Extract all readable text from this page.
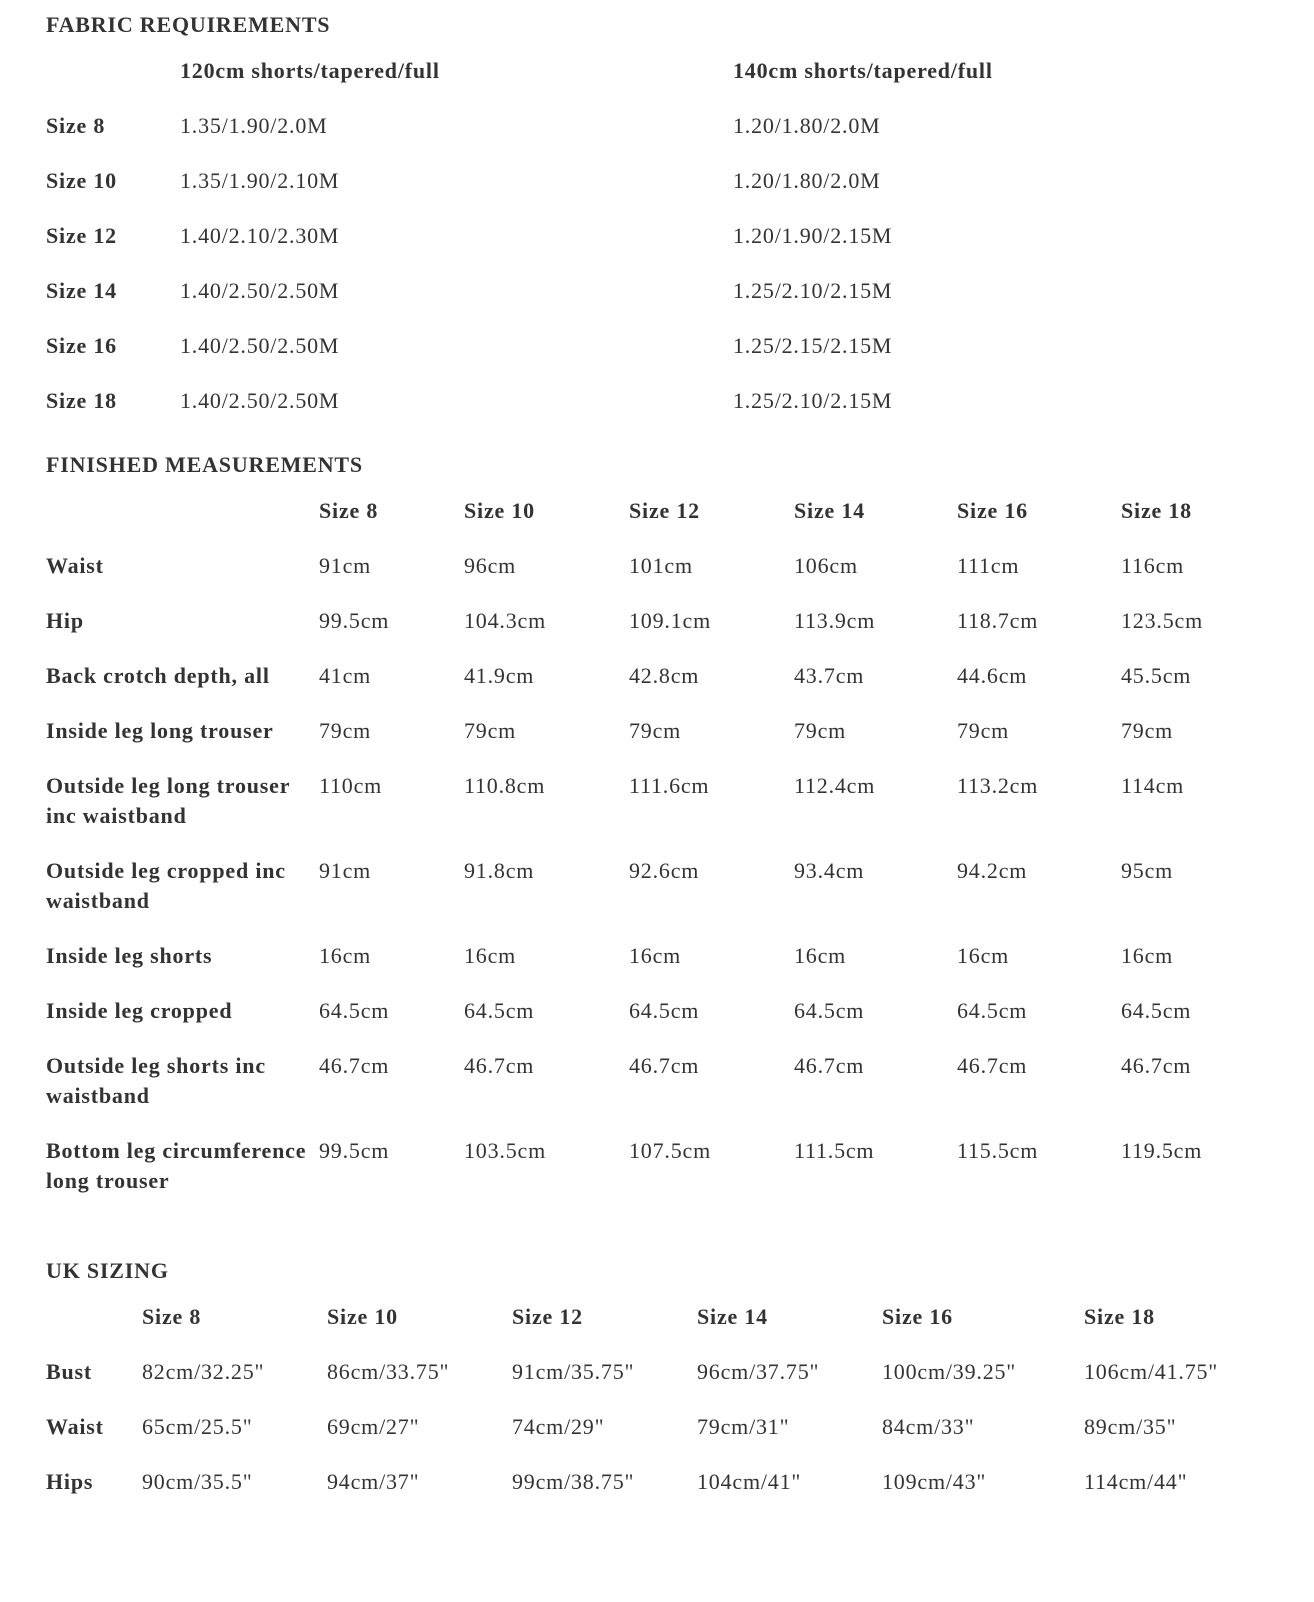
FABRIC REQUIREMENTS
	120cm shorts/tapered/full	140cm shorts/tapered/full
Size 8	1.35/1.90/2.0M	1.20/1.80/2.0M
Size 10	1.35/1.90/2.10M	1.20/1.80/2.0M
Size 12	1.40/2.10/2.30M	1.20/1.90/2.15M
Size 14	1.40/2.50/2.50M	1.25/2.10/2.15M
Size 16	1.40/2.50/2.50M	1.25/2.15/2.15M
Size 18	1.40/2.50/2.50M	1.25/2.10/2.15M
FINISHED MEASUREMENTS
	Size 8	Size 10	Size 12	Size 14	Size 16	Size 18
Waist	91cm	96cm	101cm	106cm	111cm	116cm
Hip	99.5cm	104.3cm	109.1cm	113.9cm	118.7cm	123.5cm
Back crotch depth, all	41cm	41.9cm	42.8cm	43.7cm	44.6cm	45.5cm
Inside leg long trouser	79cm	79cm	79cm	79cm	79cm	79cm
Outside leg long trouser inc waistband	110cm	110.8cm	111.6cm	112.4cm	113.2cm	114cm
Outside leg cropped inc waistband	91cm	91.8cm	92.6cm	93.4cm	94.2cm	95cm
Inside leg shorts	16cm	16cm	16cm	16cm	16cm	16cm
Inside leg cropped	64.5cm	64.5cm	64.5cm	64.5cm	64.5cm	64.5cm
Outside leg shorts inc waistband	46.7cm	46.7cm	46.7cm	46.7cm	46.7cm	46.7cm
Bottom leg circumference long trouser	99.5cm	103.5cm	107.5cm	111.5cm	115.5cm	119.5cm
UK SIZING
	Size 8	Size 10	Size 12	Size 14	Size 16	Size 18
Bust	82cm/32.25"	86cm/33.75"	91cm/35.75"	96cm/37.75"	100cm/39.25"	106cm/41.75"
Waist	65cm/25.5"	69cm/27"	74cm/29"	79cm/31"	84cm/33"	89cm/35"
Hips	90cm/35.5"	94cm/37"	99cm/38.75"	104cm/41"	109cm/43"	114cm/44"
